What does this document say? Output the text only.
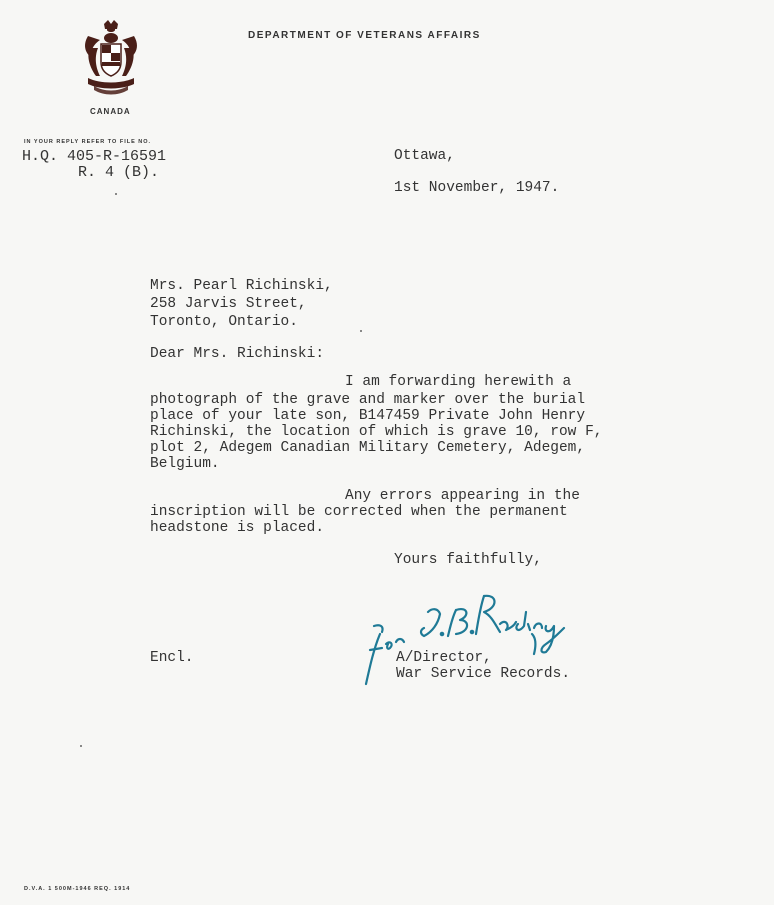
DEPARTMENT OF VETERANS AFFAIRS
CANADA
IN YOUR REPLY REFER TO FILE NO.
H.Q. 405-R-16591
R. 4 (B).
Ottawa,
1st November, 1947.
Mrs. Pearl Richinski,
258 Jarvis Street,
Toronto, Ontario.
Dear Mrs. Richinski:
I am forwarding herewith a
photograph of the grave and marker over the burial
place of your late son, B147459 Private John Henry
Richinski, the location of which is grave 10, row F,
plot 2, Adegem Canadian Military Cemetery, Adegem,
Belgium.
Any errors appearing in the
inscription will be corrected when the permanent
headstone is placed.
Yours faithfully,
Encl.	A/Director,
War Service Records.
D.V.A. 1 500M-1946 REQ. 1914
